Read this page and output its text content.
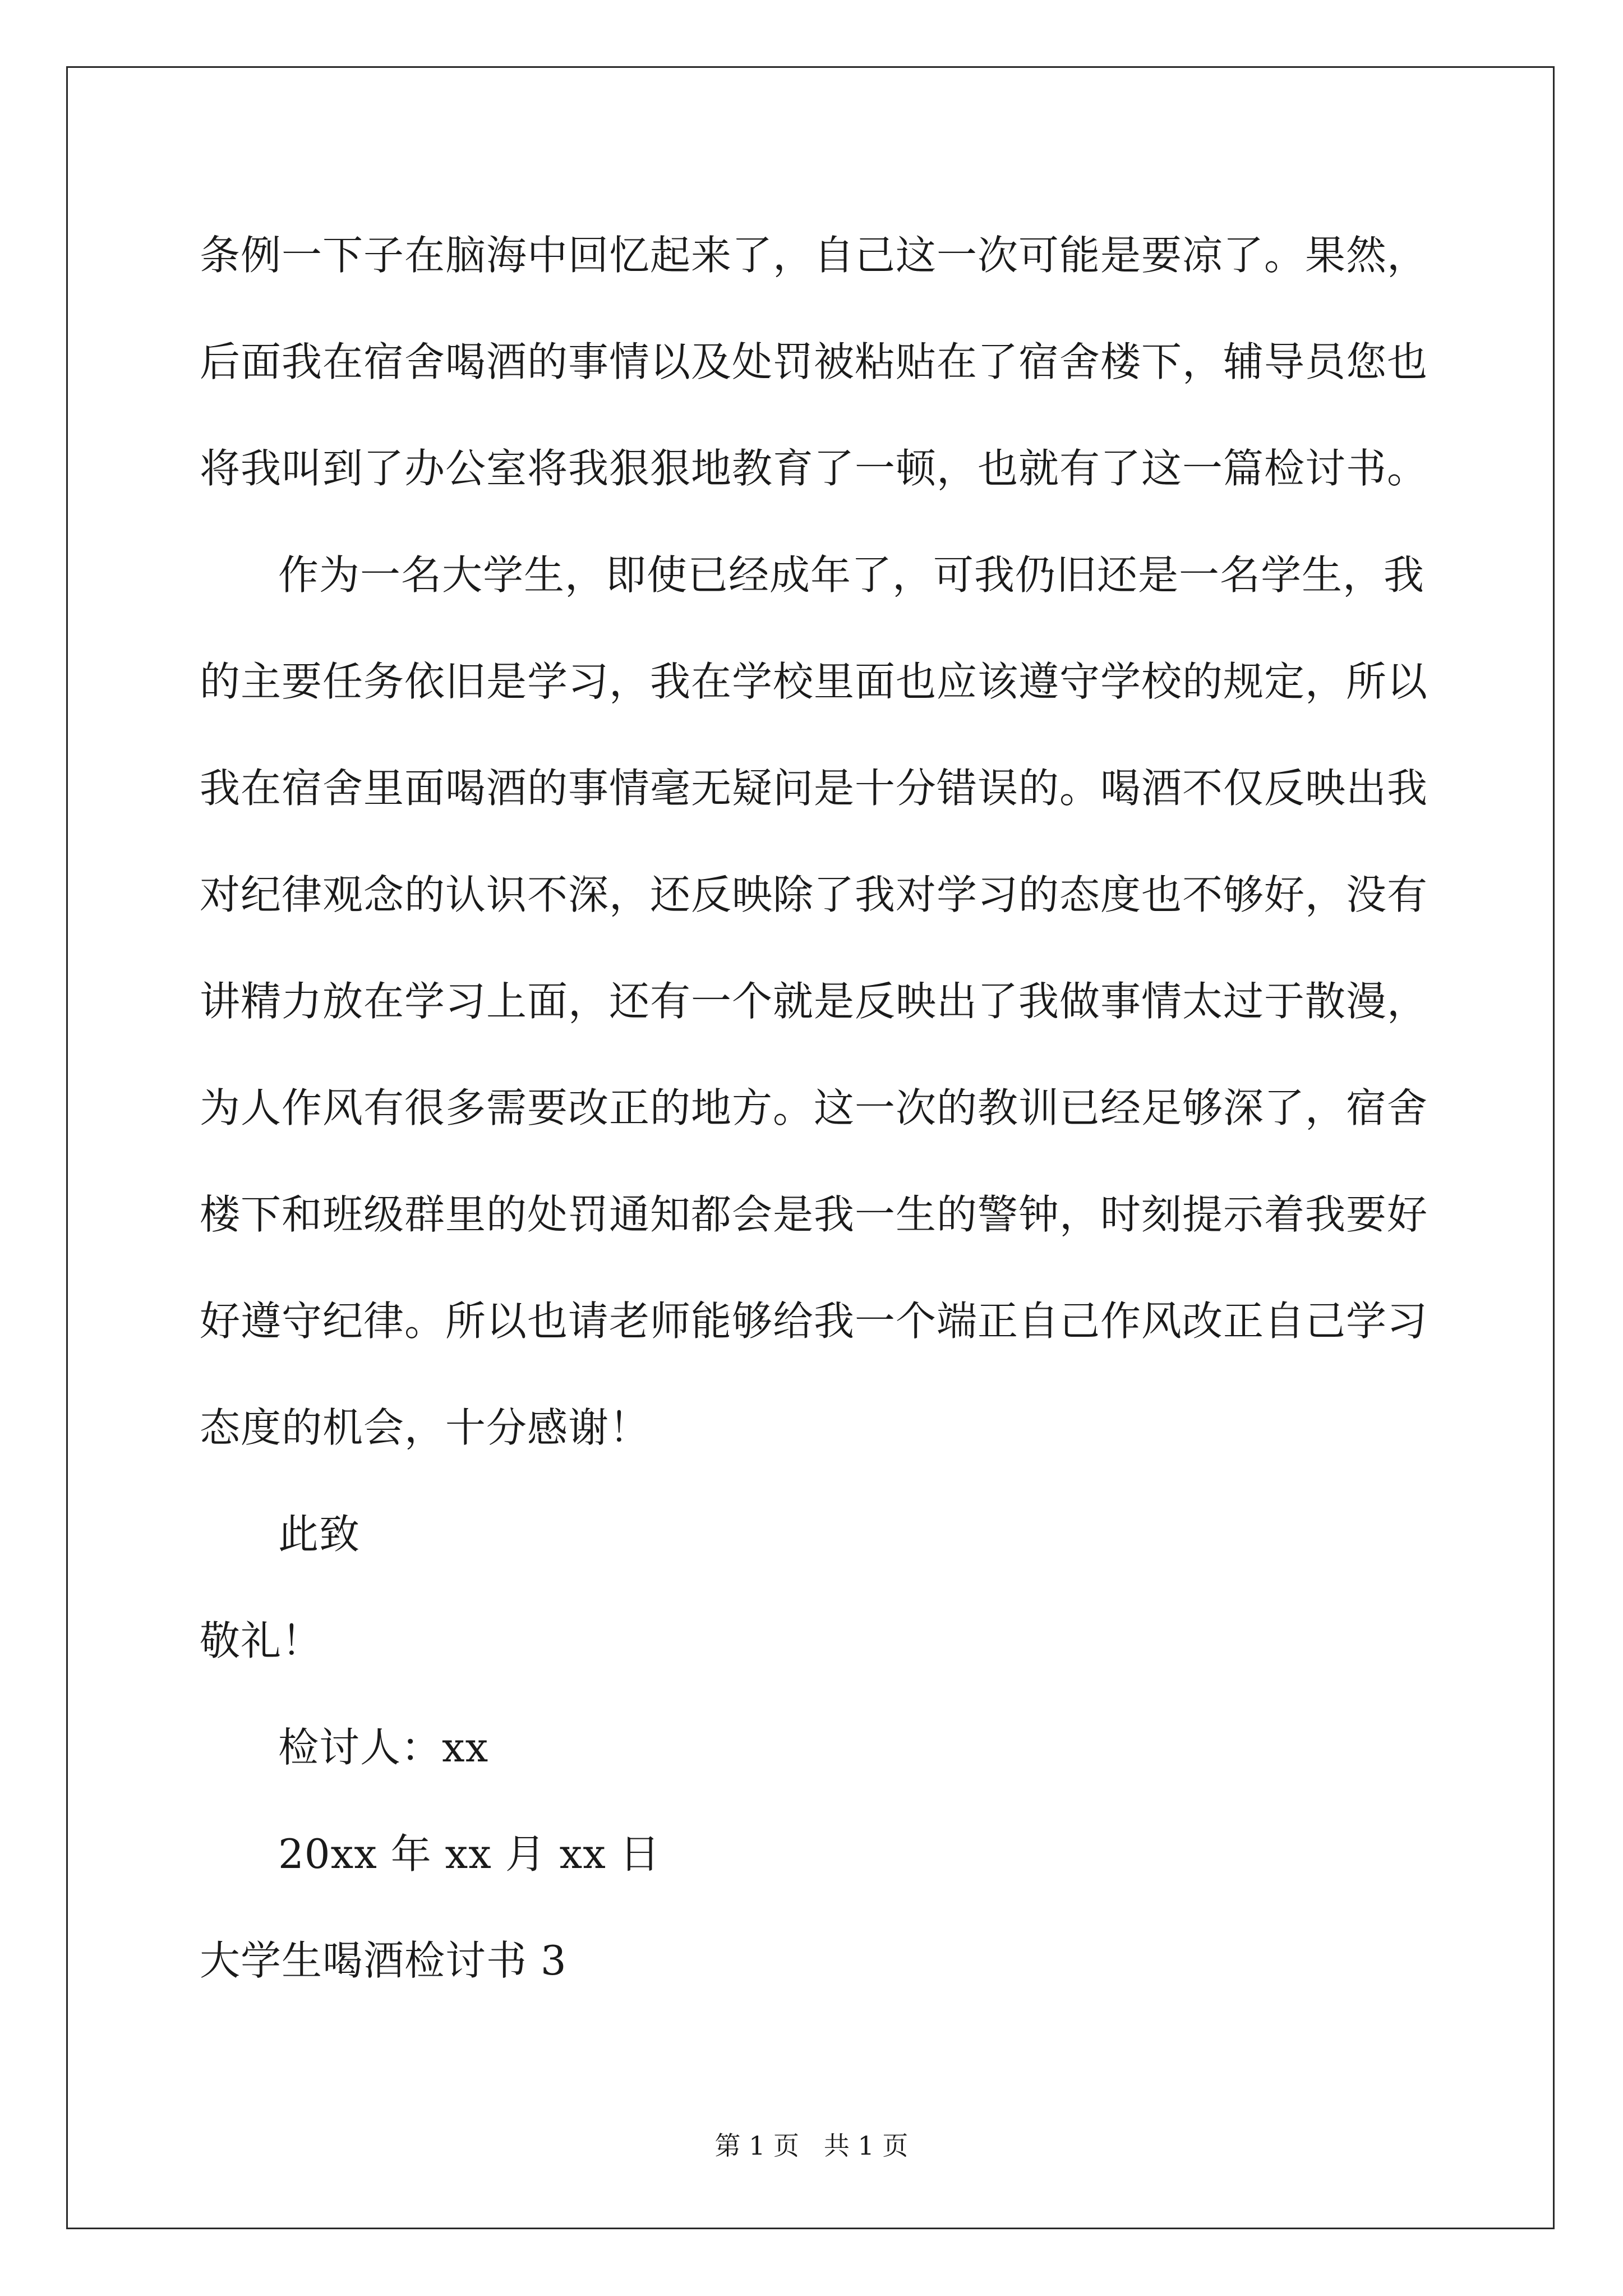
条例一下子在脑海中回忆起来了，自己这一次可能是要凉了。果然，
后面我在宿舍喝酒的事情以及处罚被粘贴在了宿舍楼下，辅导员您也
将我叫到了办公室将我狠狠地教育了一顿，也就有了这一篇检讨书。
作为一名大学生，即使已经成年了，可我仍旧还是一名学生，我
的主要任务依旧是学习，我在学校里面也应该遵守学校的规定，所以
我在宿舍里面喝酒的事情毫无疑问是十分错误的。喝酒不仅反映出我
对纪律观念的认识不深，还反映除了我对学习的态度也不够好，没有
讲精力放在学习上面，还有一个就是反映出了我做事情太过于散漫，
为人作风有很多需要改正的地方。这一次的教训已经足够深了，宿舍
楼下和班级群里的处罚通知都会是我一生的警钟，时刻提示着我要好
好遵守纪律。所以也请老师能够给我一个端正自己作风改正自己学习
态度的机会，十分感谢！
此致
敬礼！
检讨人：xx
20xx 年 xx 月 xx 日
大学生喝酒检讨书 3
第 1 页   共 1 页
